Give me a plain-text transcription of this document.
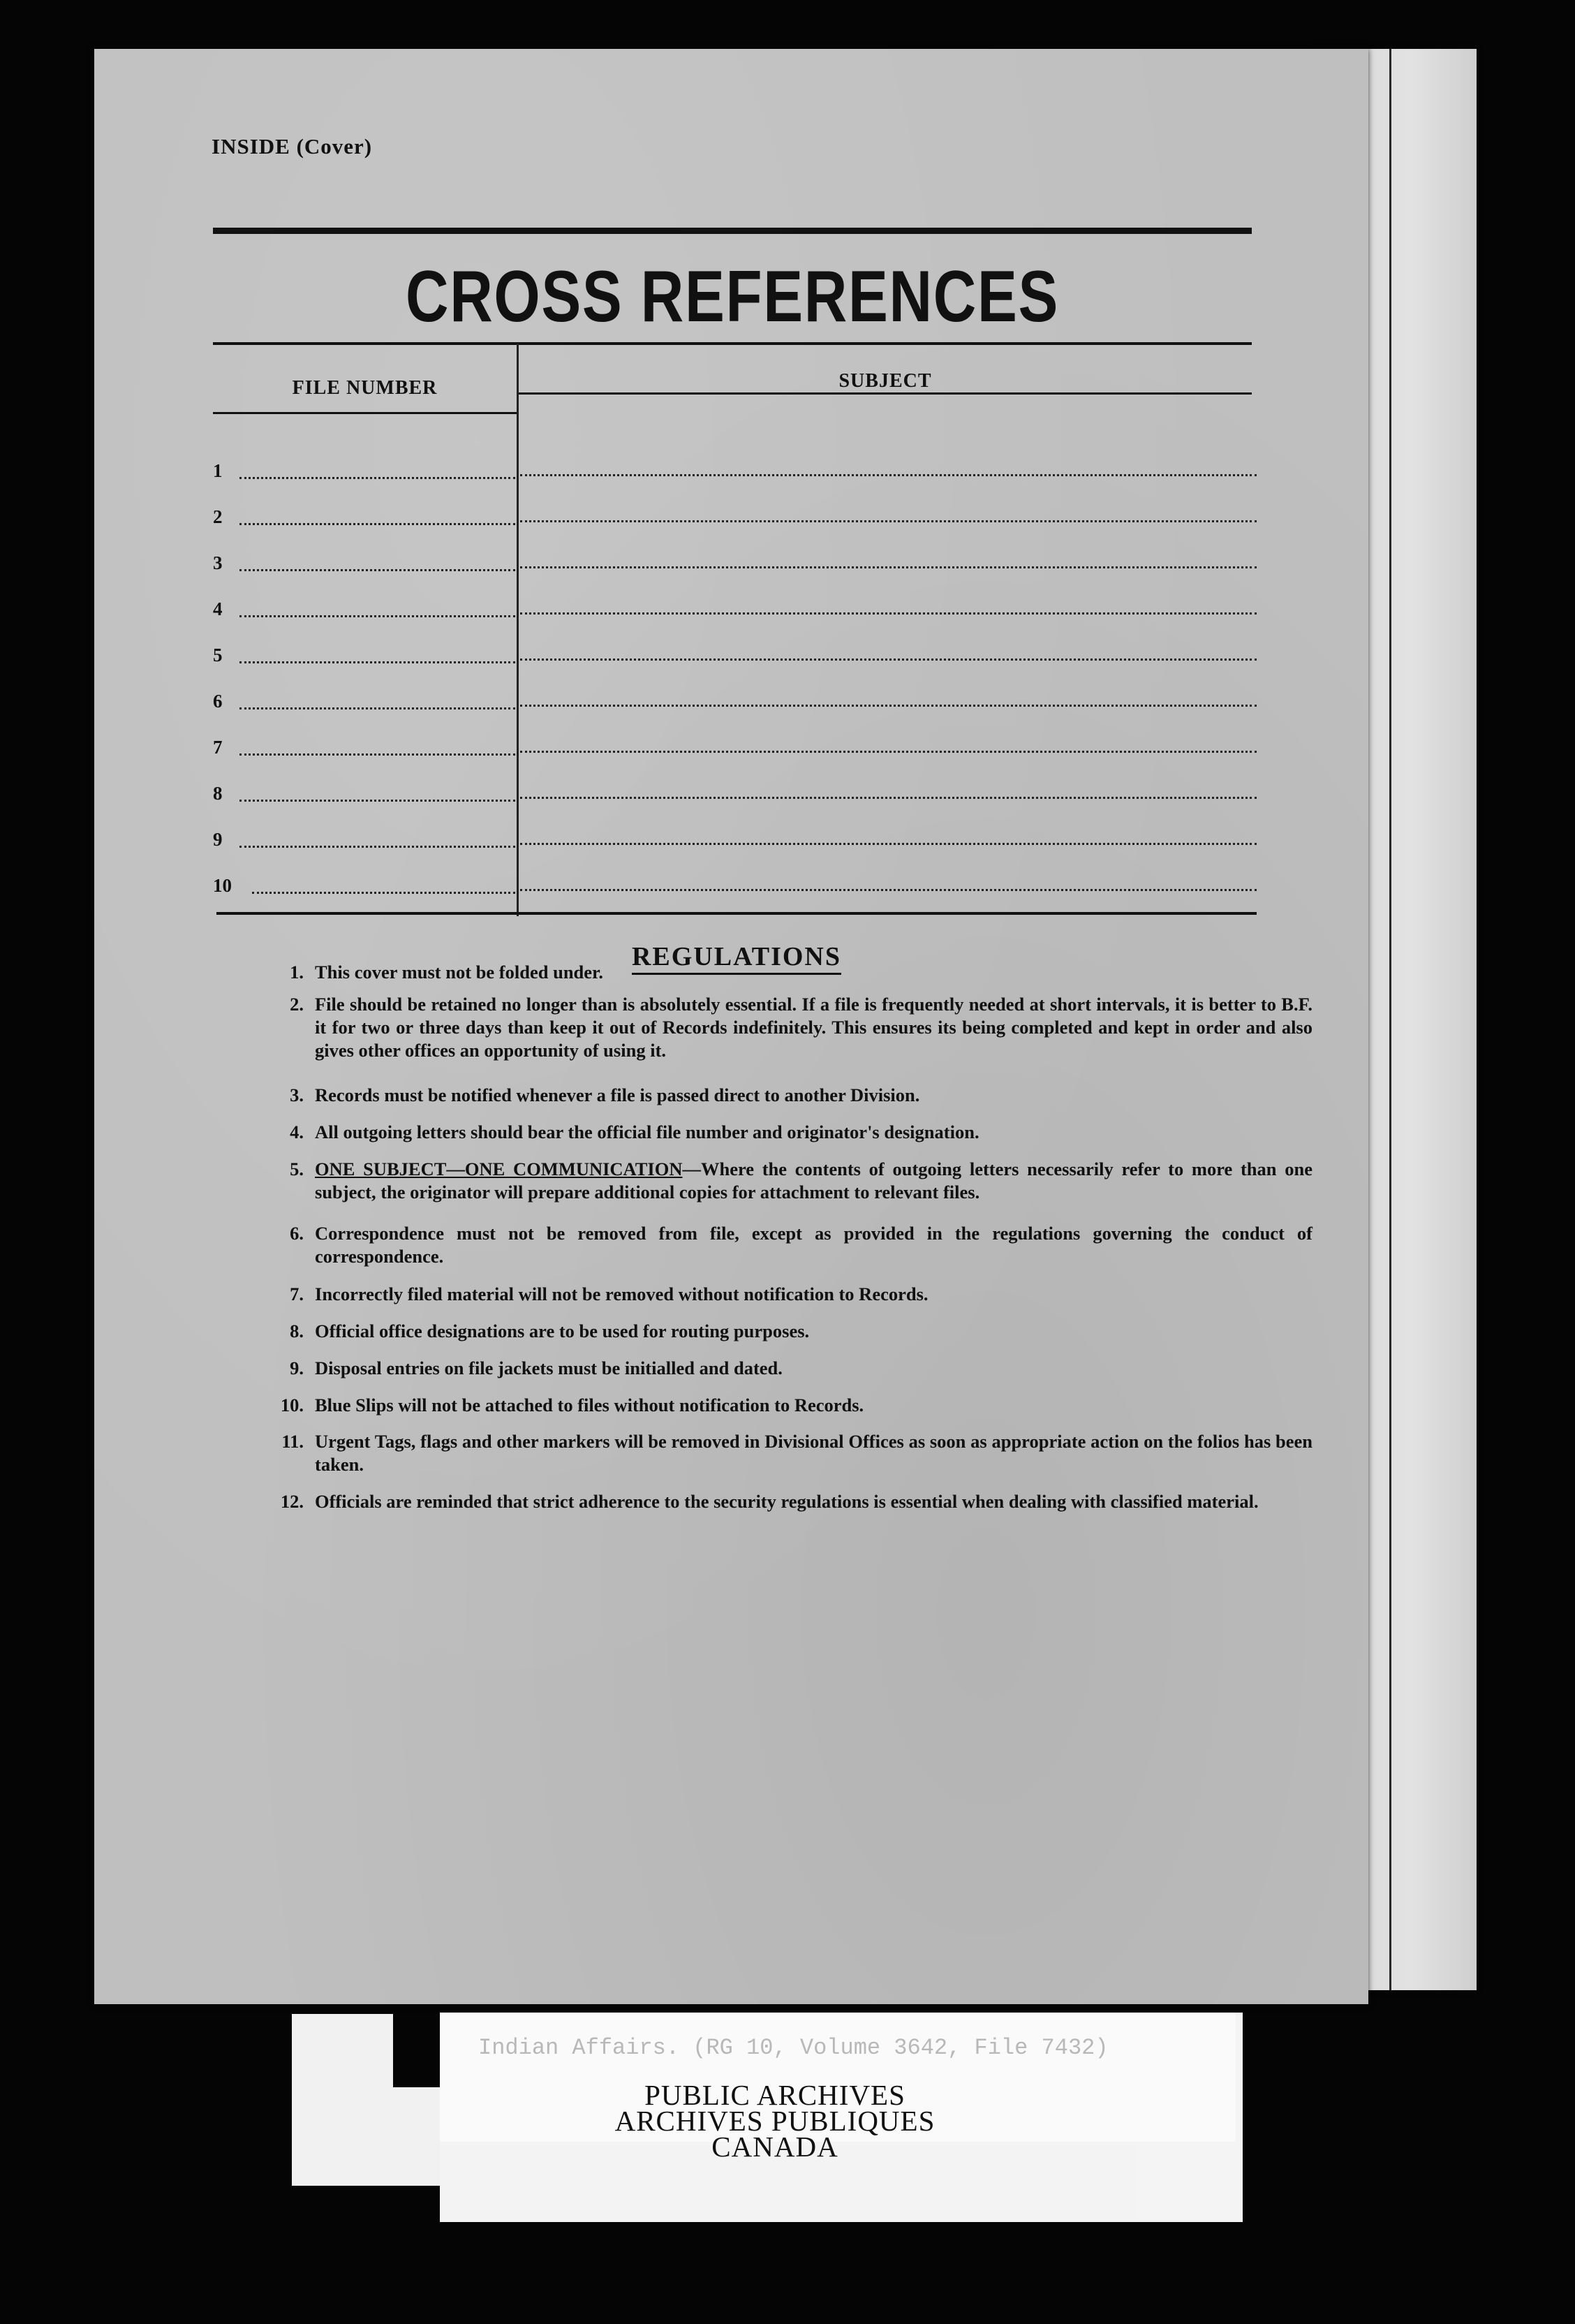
INSIDE (Cover)
CROSS REFERENCES
FILE NUMBER	SUBJECT
1
2
3
4
5
6
7
8
9
10
REGULATIONS
1. This cover must not be folded under.
2. File should be retained no longer than is absolutely essential. If a file is frequently needed at short intervals, it is better to B.F. it for two or three days than keep it out of Records indefinitely. This ensures its being completed and kept in order and also gives other offices an opportunity of using it.
3. Records must be notified whenever a file is passed direct to another Division.
4. All outgoing letters should bear the official file number and originator's designation.
5. ONE SUBJECT—ONE COMMUNICATION—Where the contents of outgoing letters necessarily refer to more than one subject, the originator will prepare additional copies for attachment to relevant files.
6. Correspondence must not be removed from file, except as provided in the regulations governing the conduct of correspondence.
7. Incorrectly filed material will not be removed without notification to Records.
8. Official office designations are to be used for routing purposes.
9. Disposal entries on file jackets must be initialled and dated.
10. Blue Slips will not be attached to files without notification to Records.
11. Urgent Tags, flags and other markers will be removed in Divisional Offices as soon as appropriate action on the folios has been taken.
12. Officials are reminded that strict adherence to the security regulations is essential when dealing with classified material.
Indian Affairs. (RG 10, Volume 3642, File 7432)
PUBLIC ARCHIVES
ARCHIVES PUBLIQUES
CANADA
